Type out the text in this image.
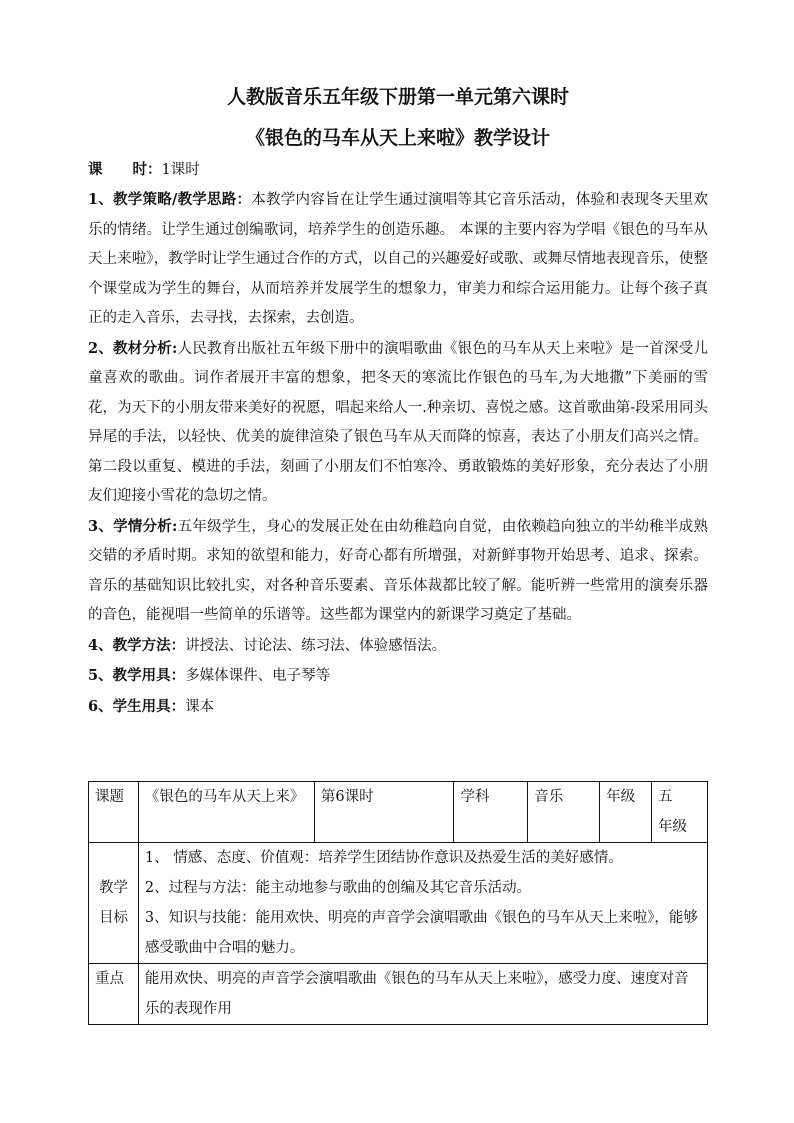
人教版音乐五年级下册第一单元第六课时
《银色的马车从天上来啦》教学设计
课 时：1课时
1、教学策略/教学思路：本教学内容旨在让学生通过演唱等其它音乐活动，体验和表现冬天里欢乐的情绪。让学生通过创编歌词，培养学生的创造乐趣。 本课的主要内容为学唱《银色的马车从天上来啦》，教学时让学生通过合作的方式，以自己的兴趣爱好或歌、或舞尽情地表现音乐，使整个课堂成为学生的舞台，从而培养并发展学生的想象力，审美力和综合运用能力。让每个孩子真正的走入音乐，去寻找，去探索，去创造。
2、教材分析:人民教育出版社五年级下册中的演唱歌曲《银色的马车从天上来啦》是一首深受儿童喜欢的歌曲。词作者展开丰富的想象，把冬天的寒流比作银色的马车,为大地撒”下美丽的雪花，为天下的小朋友带来美好的祝愿，唱起来给人一.种亲切、喜悦之感。这首歌曲第-段采用同头异尾的手法，以轻快、优美的旋律渲染了银色马车从天而降的惊喜，表达了小朋友们高兴之情。第二段以重复、模进的手法，刻画了小朋友们不怕寒冷、勇敢锻炼的美好形象，充分表达了小朋友们迎接小雪花的急切之情。
3、学情分析:五年级学生，身心的发展正处在由幼稚趋向自觉，由依赖趋向独立的半幼稚半成熟交错的矛盾时期。求知的欲望和能力，好奇心都有所增强，对新鲜事物开始思考、追求、探索。音乐的基础知识比较扎实，对各种音乐要素、音乐体裁都比较了解。能听辨一些常用的演奏乐器的音色，能视唱一些简单的乐谱等。这些都为课堂内的新课学习奠定了基础。
4、教学方法：讲授法、讨论法、练习法、体验感悟法。
5、教学用具：多媒体课件、电子琴等
6、学生用具：课本
课题	《银色的马车从天上来》	第6课时	学科	音乐	年级	五　年级
教学目标	1、 情感、态度、价值观：培养学生团结协作意识及热爱生活的美好感情。
2、过程与方法：能主动地参与歌曲的创编及其它音乐活动。
3、知识与技能：能用欢快、明亮的声音学会演唱歌曲《银色的马车从天上来啦》，能够感受歌曲中合唱的魅力。					

重点	能用欢快、明亮的声音学会演唱歌曲《银色的马车从天上来啦》，感受力度、速度对音乐的表现作用					
